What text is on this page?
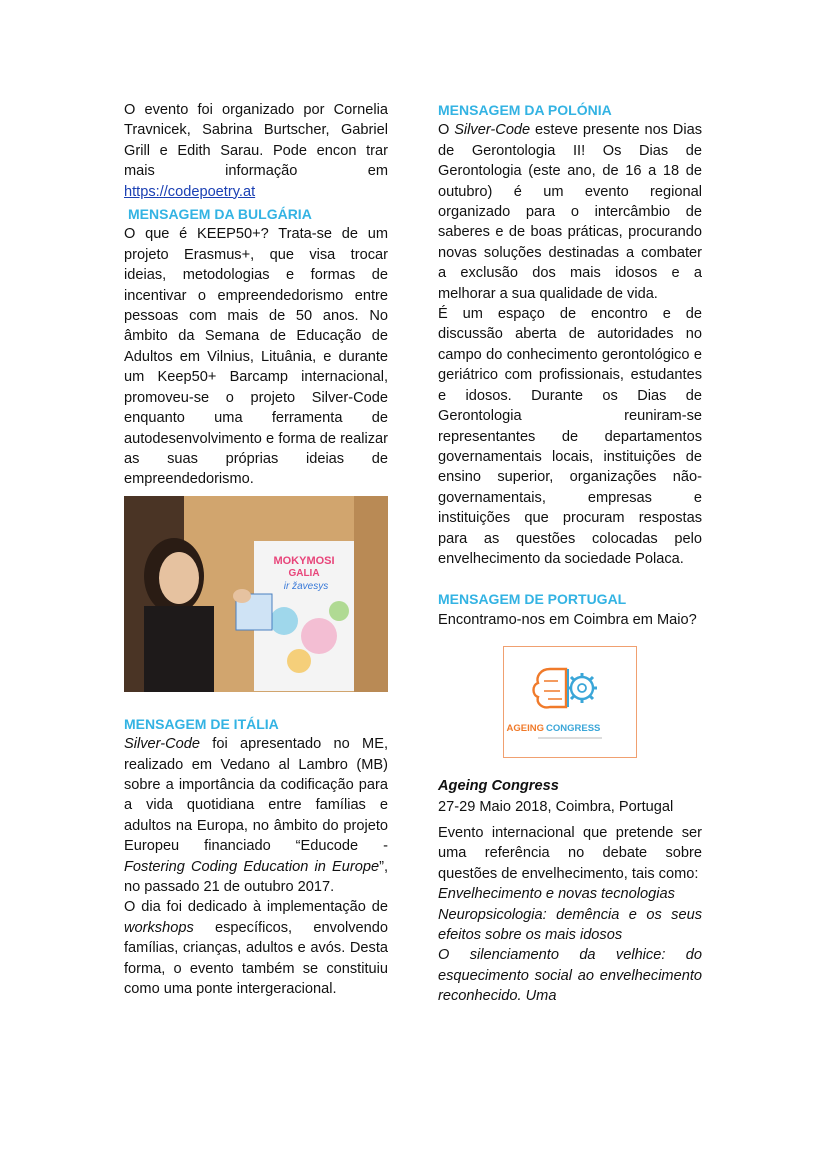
O evento foi organizado por Cornelia Travnicek, Sabrina Burtscher, Gabriel Grill e Edith Sarau. Pode encon trar mais informação em https://codepoetry.at

MENSAGEM DA BULGÁRIA

O que é KEEP50+? Trata-se de um projeto Erasmus+, que visa trocar ideias, metodologias e formas de incentivar o empreendedorismo entre pessoas com mais de 50 anos. No âmbito da Semana de Educação de Adultos em Vilnius, Lituânia, e durante um Keep50+ Barcamp internacional, promoveu-se o projeto Silver-Code enquanto uma ferramenta de autodesenvolvimento e forma de realizar as suas próprias ideias de empreendedorismo.

MOKYMOSI
GALIA
ir žavesys

MENSAGEM DE ITÁLIA

Silver-Code foi apresentado no ME, realizado em Vedano al Lambro (MB) sobre a importância da codificação para a vida quotidiana entre famílias e adultos na Europa, no âmbito do projeto Europeu financiado “Educode - Fostering Coding Education in Europe”, no passado 21 de outubro 2017.

O dia foi dedicado à implementação de workshops específicos, envolvendo famílias, crianças, adultos e avós. Desta forma, o evento também se constituiu como uma ponte intergeracional.

MENSAGEM DA POLÓNIA

O Silver-Code esteve presente nos Dias de Gerontologia II! Os Dias de Gerontologia (este ano, de 16 a 18 de outubro) é um evento regional organizado para o intercâmbio de saberes e de boas práticas, procurando novas soluções destinadas a combater a exclusão dos mais idosos e a melhorar a sua qualidade de vida.

É um espaço de encontro e de discussão aberta de autoridades no campo do conhecimento gerontológico e geriátrico com profissionais, estudantes e idosos. Durante os Dias de Gerontologia reuniram-se representantes de departamentos governamentais locais, instituições de ensino superior, organizações não-governamentais, empresas e instituições que procuram respostas para as questões colocadas pelo envelhecimento da sociedade Polaca.

MENSAGEM DE PORTUGAL

Encontramo-nos em Coimbra em Maio?

AGEING CONGRESS

Ageing Congress

27-29 Maio 2018, Coimbra, Portugal

Evento internacional que pretende ser uma referência no debate sobre questões de envelhecimento, tais como:

Envelhecimento e novas tecnologias

Neuropsicologia: demência e os seus efeitos sobre os mais idosos

O silenciamento da velhice: do esquecimento social ao envelhecimento reconhecido. Uma
